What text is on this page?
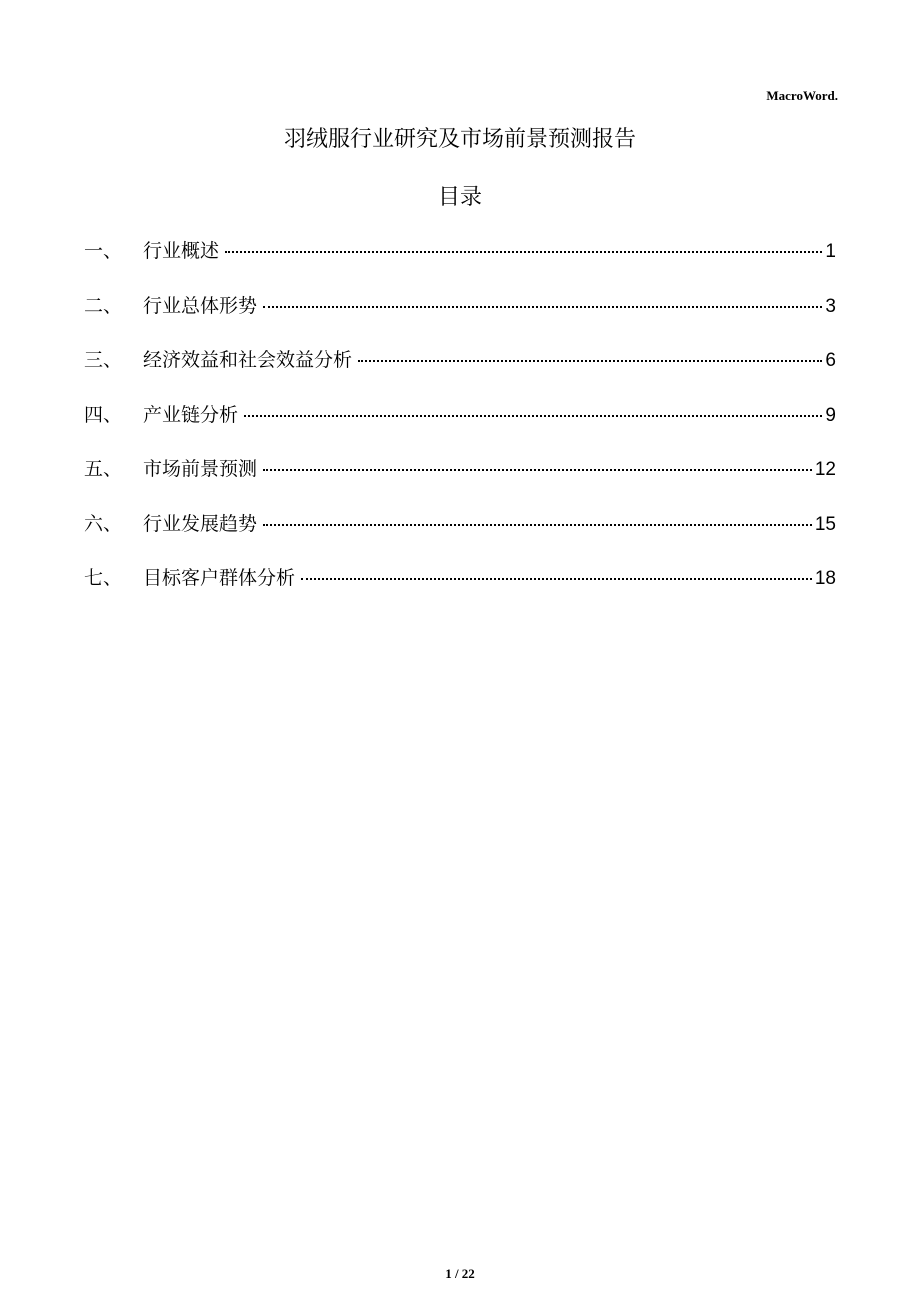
MacroWord.
羽绒服行业研究及市场前景预测报告
目录
一、	行业概述	1
二、	行业总体形势	3
三、	经济效益和社会效益分析	6
四、	产业链分析	9
五、	市场前景预测	12
六、	行业发展趋势	15
七、	目标客户群体分析	18
1 / 22
